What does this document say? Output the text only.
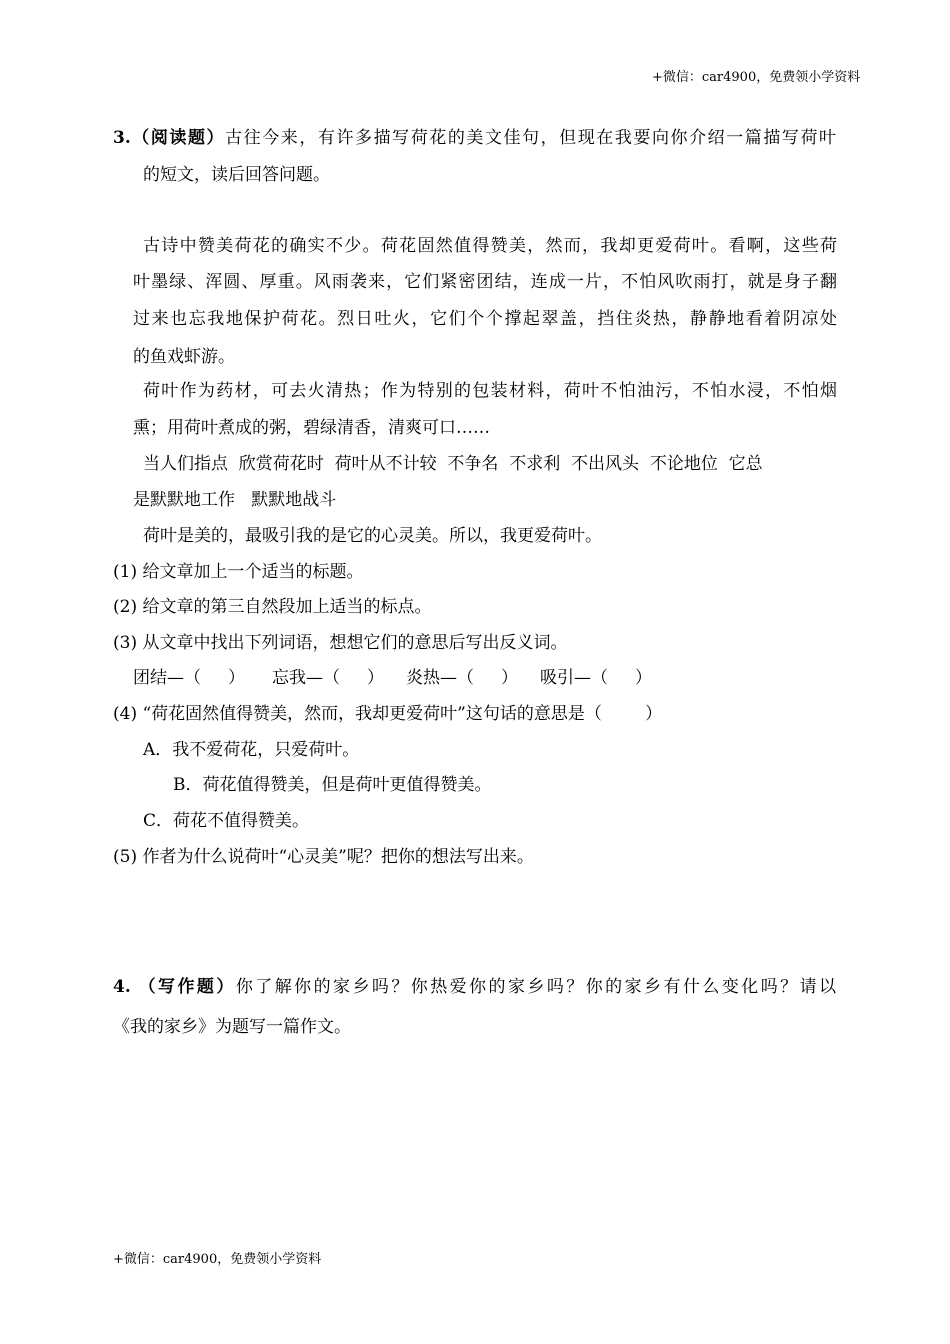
+微信：car4900，免费领小学资料
3.（阅读题）古往今来，有许多描写荷花的美文佳句，但现在我要向你介绍一篇描写荷叶
的短文，读后回答问题。
古诗中赞美荷花的确实不少。荷花固然值得赞美，然而，我却更爱荷叶。看啊，这些荷
叶墨绿、浑圆、厚重。风雨袭来，它们紧密团结，连成一片，不怕风吹雨打，就是身子翻
过来也忘我地保护荷花。烈日吐火，它们个个撑起翠盖，挡住炎热，静静地看着阴凉处
的鱼戏虾游。
荷叶作为药材，可去火清热；作为特别的包装材料，荷叶不怕油污，不怕水浸，不怕烟
熏；用荷叶煮成的粥，碧绿清香，清爽可口……
当人们指点  欣赏荷花时  荷叶从不计较  不争名  不求利  不出风头  不论地位  它总
是默默地工作   默默地战斗
荷叶是美的，最吸引我的是它的心灵美。所以，我更爱荷叶。
(1) 给文章加上一个适当的标题。
(2) 给文章的第三自然段加上适当的标点。
(3) 从文章中找出下列词语，想想它们的意思后写出反义词。
团结—（     ） 忘我—（     ） 炎热—（     ） 吸引—（     ）
(4) “荷花固然值得赞美，然而，我却更爱荷叶”这句话的意思是（        ）
A．我不爱荷花，只爱荷叶。
B．荷花值得赞美，但是荷叶更值得赞美。
C．荷花不值得赞美。
(5) 作者为什么说荷叶“心灵美”呢？把你的想法写出来。
4. （写作题）你了解你的家乡吗？你热爱你的家乡吗？你的家乡有什么变化吗？请以
《我的家乡》为题写一篇作文。
+微信：car4900，免费领小学资料
